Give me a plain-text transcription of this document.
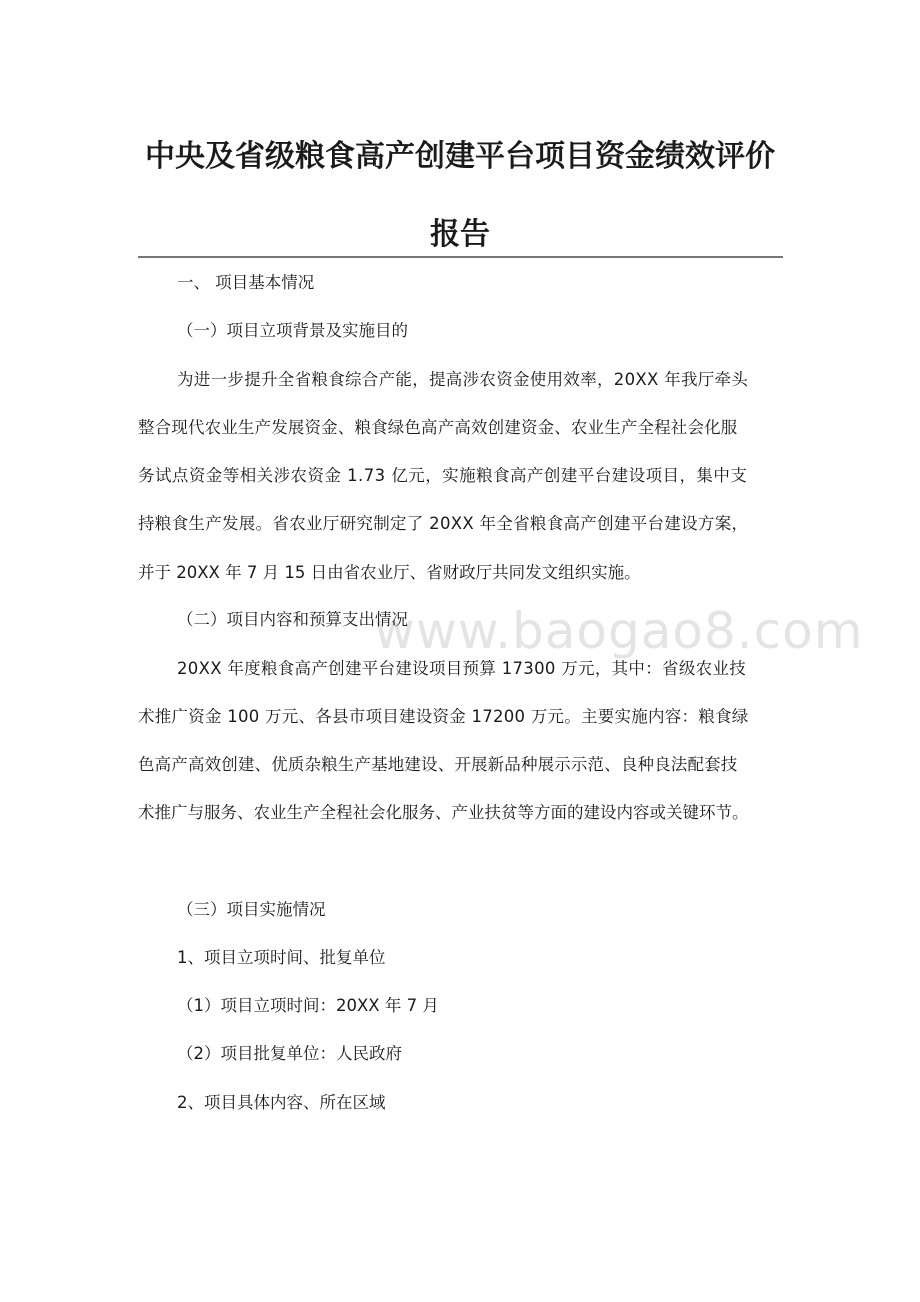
中央及省级粮食高产创建平台项目资金绩效评价
报告
www.baogao8.com

一、 项目基本情况

（一）项目立项背景及实施目的

为进一步提升全省粮食综合产能，提高涉农资金使用效率，20XX 年我厅牵头

整合现代农业生产发展资金、粮食绿色高产高效创建资金、农业生产全程社会化服

务试点资金等相关涉农资金 1.73 亿元，实施粮食高产创建平台建设项目，集中支

持粮食生产发展。省农业厅研究制定了 20XX 年全省粮食高产创建平台建设方案，

并于 20XX 年 7 月 15 日由省农业厅、省财政厅共同发文组织实施。

（二）项目内容和预算支出情况

20XX 年度粮食高产创建平台建设项目预算 17300 万元，其中：省级农业技

术推广资金 100 万元、各县市项目建设资金 17200 万元。主要实施内容：粮食绿

色高产高效创建、优质杂粮生产基地建设、开展新品种展示示范、良种良法配套技

术推广与服务、农业生产全程社会化服务、产业扶贫等方面的建设内容或关键环节。

（三）项目实施情况

1、项目立项时间、批复单位

（1）项目立项时间：20XX 年 7 月

（2）项目批复单位：人民政府

2、项目具体内容、所在区域
